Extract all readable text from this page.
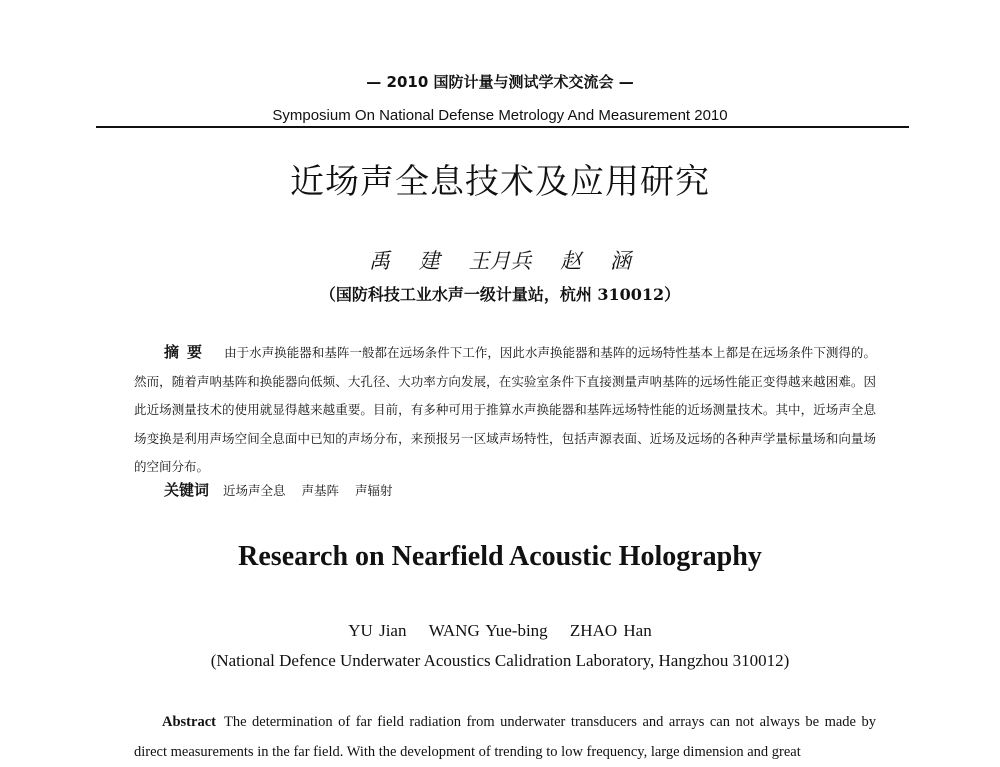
— 2010 国防计量与测试学术交流会 —
Symposium On National Defense Metrology And Measurement 2010
近场声全息技术及应用研究
禹 建 王月兵 赵 涵
（国防科技工业水声一级计量站，杭州 310012）

摘要 由于水声换能器和基阵一般都在远场条件下工作，因此水声换能器和基阵的远场特性基本上都是在远场条件下测得的。然而，随着声呐基阵和换能器向低频、大孔径、大功率方向发展，在实验室条件下直接测量声呐基阵的远场性能正变得越来越困难。因此近场测量技术的使用就显得越来越重要。目前，有多种可用于推算水声换能器和基阵远场特性能的近场测量技术。其中，近场声全息场变换是利用声场空间全息面中已知的声场分布，来预报另一区域声场特性，包括声源表面、近场及远场的各种声学量标量场和向量场的空间分布。

关键词 近场声全息 声基阵 声辐射
Research on Nearfield Acoustic Holography
YU Jian WANG Yue-bing ZHAO Han
(National Defence Underwater Acoustics Calidration Laboratory, Hangzhou 310012)

Abstract The determination of far field radiation from underwater transducers and arrays can not always be made by direct measurements in the far field. With the development of trending to low frequency, large dimension and great
